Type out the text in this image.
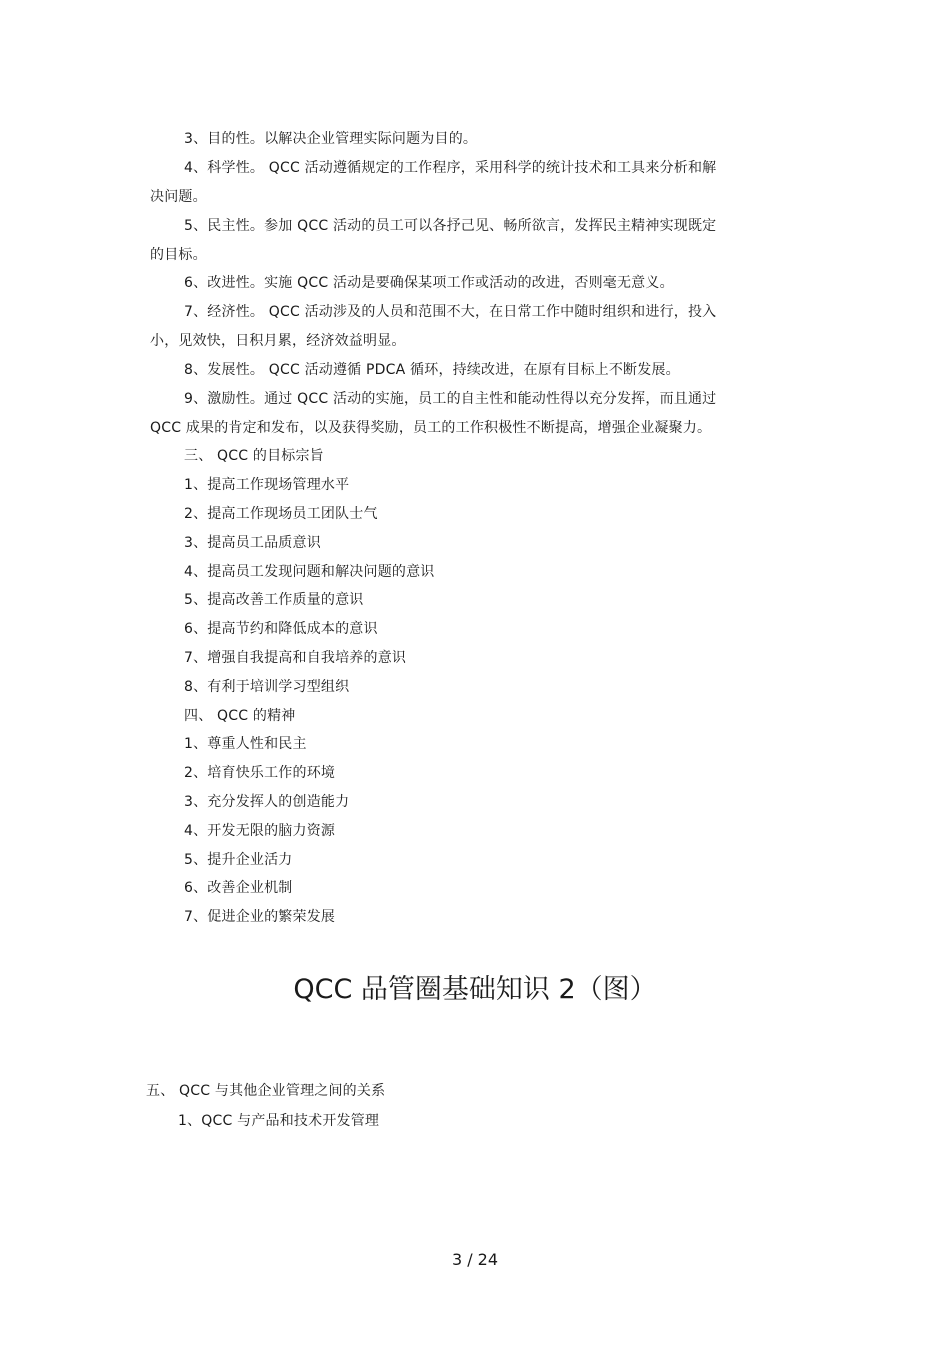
3、目的性。以解决企业管理实际问题为目的。
4、科学性。 QCC 活动遵循规定的工作程序，采用科学的统计技术和工具来分析和解
决问题。
5、民主性。参加 QCC 活动的员工可以各抒己见、畅所欲言，发挥民主精神实现既定
的目标。
6、改进性。实施 QCC 活动是要确保某项工作或活动的改进，否则毫无意义。
7、经济性。 QCC 活动涉及的人员和范围不大，在日常工作中随时组织和进行，投入
小，见效快，日积月累，经济效益明显。
8、发展性。 QCC 活动遵循 PDCA 循环，持续改进，在原有目标上不断发展。
9、激励性。通过 QCC 活动的实施，员工的自主性和能动性得以充分发挥，而且通过
QCC 成果的肯定和发布，以及获得奖励，员工的工作积极性不断提高，增强企业凝聚力。
三、 QCC 的目标宗旨
1、提高工作现场管理水平
2、提高工作现场员工团队士气
3、提高员工品质意识
4、提高员工发现问题和解决问题的意识
5、提高改善工作质量的意识
6、提高节约和降低成本的意识
7、增强自我提高和自我培养的意识
8、有利于培训学习型组织
四、 QCC 的精神
1、尊重人性和民主
2、培育快乐工作的环境
3、充分发挥人的创造能力
4、开发无限的脑力资源
5、提升企业活力
6、改善企业机制
7、促进企业的繁荣发展
QCC 品管圈基础知识 2（图）
五、 QCC 与其他企业管理之间的关系
1、QCC 与产品和技术开发管理
3 / 24
